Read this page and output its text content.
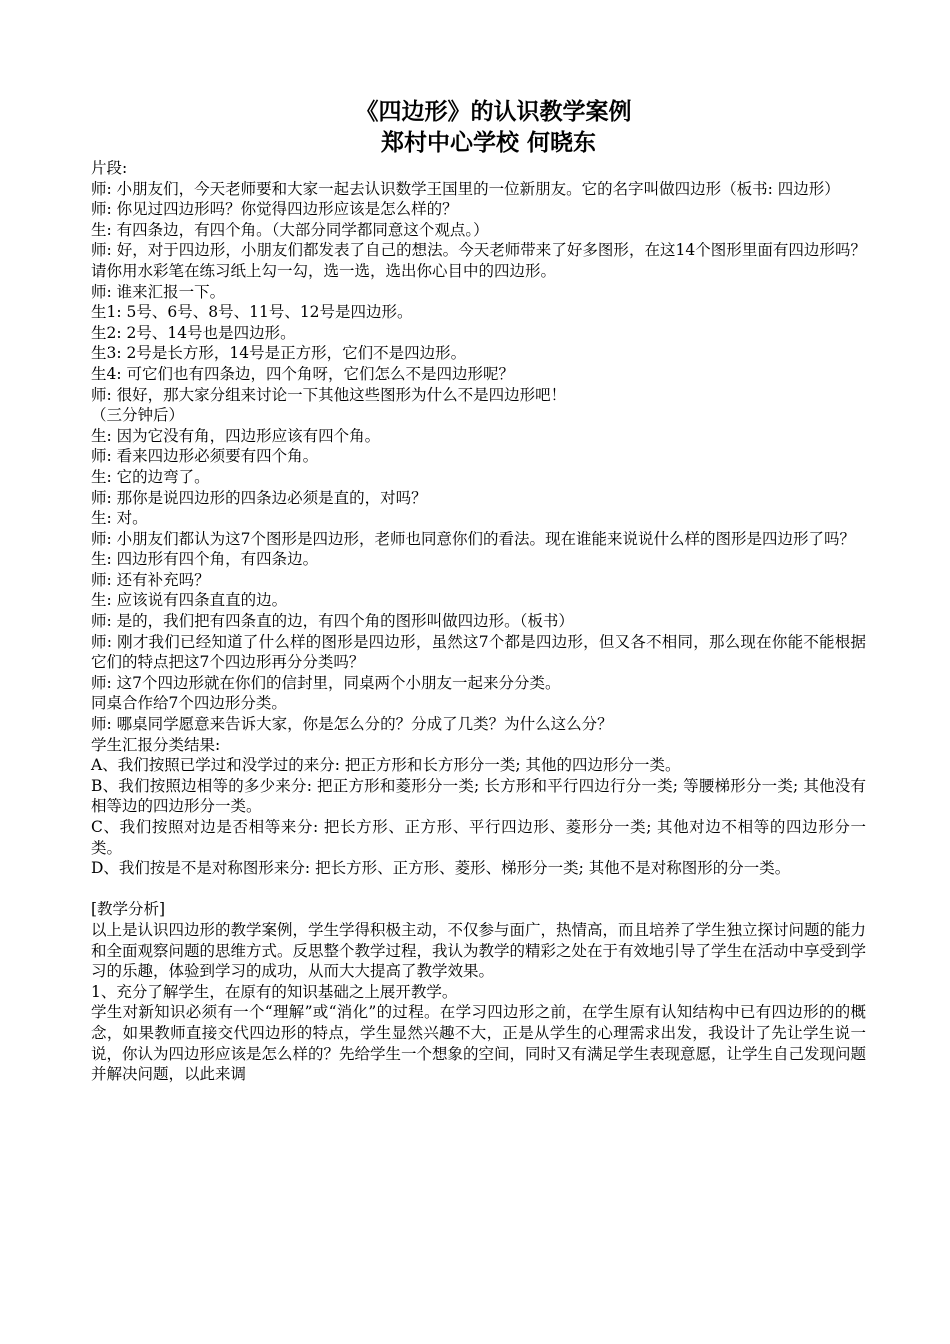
《四边形》的认识教学案例
郑村中心学校 何晓东

片段:

师: 小朋友们，今天老师要和大家一起去认识数学王国里的一位新朋友。它的名字叫做四边形（板书: 四边形）

师: 你见过四边形吗？你觉得四边形应该是怎么样的？

生: 有四条边，有四个角。（大部分同学都同意这个观点。）

师: 好，对于四边形，小朋友们都发表了自己的想法。今天老师带来了好多图形，在这14个图形里面有四边形吗？请你用水彩笔在练习纸上勾一勾，选一选，选出你心目中的四边形。

师: 谁来汇报一下。

生1: 5号、6号、8号、11号、12号是四边形。

生2: 2号、14号也是四边形。

生3: 2号是长方形，14号是正方形，它们不是四边形。

生4: 可它们也有四条边，四个角呀，它们怎么不是四边形呢？

师: 很好，那大家分组来讨论一下其他这些图形为什么不是四边形吧！

（三分钟后）

生: 因为它没有角，四边形应该有四个角。

师: 看来四边形必须要有四个角。

生: 它的边弯了。

师: 那你是说四边形的四条边必须是直的，对吗？

生: 对。

师: 小朋友们都认为这7个图形是四边形，老师也同意你们的看法。现在谁能来说说什么样的图形是四边形了吗？

生: 四边形有四个角，有四条边。

师: 还有补充吗？

生: 应该说有四条直直的边。

师: 是的，我们把有四条直的边，有四个角的图形叫做四边形。（板书）

师: 刚才我们已经知道了什么样的图形是四边形，虽然这7个都是四边形，但又各不相同，那么现在你能不能根据它们的特点把这7个四边形再分分类吗？

师: 这7个四边形就在你们的信封里，同桌两个小朋友一起来分分类。

同桌合作给7个四边形分类。

师: 哪桌同学愿意来告诉大家，你是怎么分的？分成了几类？为什么这么分？

学生汇报分类结果:

A、我们按照已学过和没学过的来分: 把正方形和长方形分一类; 其他的四边形分一类。

B、我们按照边相等的多少来分: 把正方形和菱形分一类; 长方形和平行四边行分一类; 等腰梯形分一类; 其他没有相等边的四边形分一类。

C、我们按照对边是否相等来分: 把长方形、正方形、平行四边形、菱形分一类; 其他对边不相等的四边形分一类。

D、我们按是不是对称图形来分: 把长方形、正方形、菱形、梯形分一类; 其他不是对称图形的分一类。

[教学分析]

以上是认识四边形的教学案例，学生学得积极主动，不仅参与面广，热情高，而且培养了学生独立探讨问题的能力和全面观察问题的思维方式。反思整个教学过程，我认为教学的精彩之处在于有效地引导了学生在活动中享受到学习的乐趣，体验到学习的成功，从而大大提高了教学效果。

1、充分了解学生，在原有的知识基础之上展开教学。

学生对新知识必须有一个“理解”或“消化”的过程。在学习四边形之前，在学生原有认知结构中已有四边形的的概念，如果教师直接交代四边形的特点，学生显然兴趣不大，正是从学生的心理需求出发，我设计了先让学生说一说，你认为四边形应该是怎么样的？先给学生一个想象的空间，同时又有满足学生表现意愿，让学生自己发现问题并解决问题，以此来调
